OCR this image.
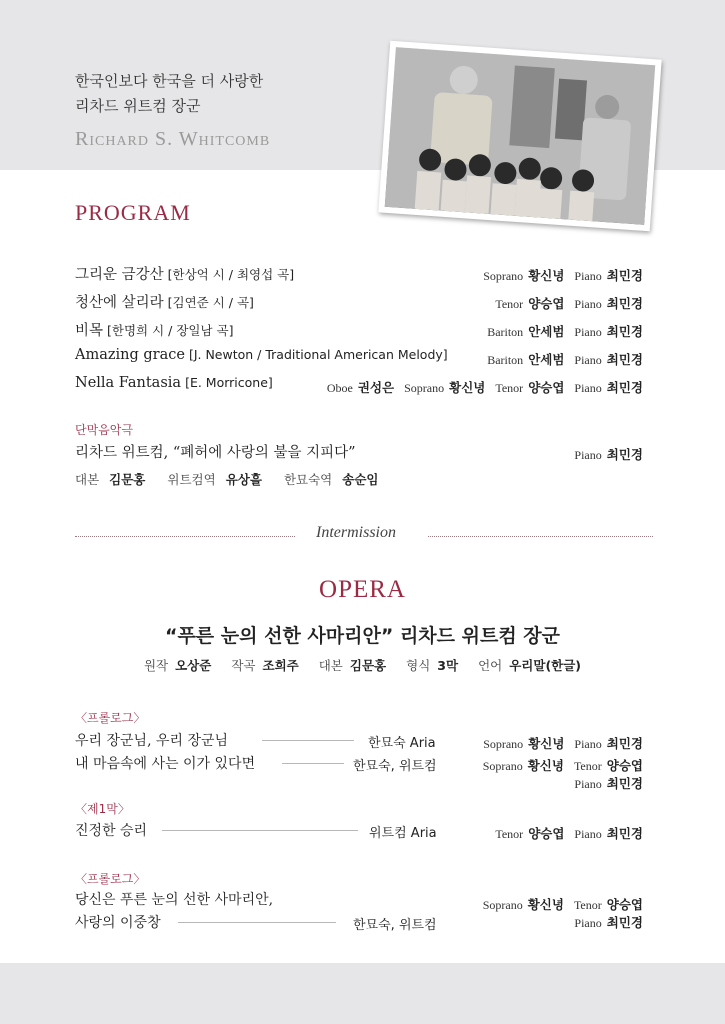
한국인보다 한국을 더 사랑한
리차드 위트컴 장군
Richard S. Whitcomb
PROGRAM
그리운 금강산 [한상억 시 / 최영섭 곡]	Soprano 황신녕 Piano 최민경
청산에 살리라 [김연준 시 / 곡]	Tenor 양승엽 Piano 최민경
비목 [한명희 시 / 장일남 곡]	Bariton 안세범 Piano 최민경
Amazing grace [J. Newton / Traditional American Melody]	Bariton 안세범 Piano 최민경
Nella Fantasia [E. Morricone]	Oboe 권성은 Soprano 황신녕 Tenor 양승엽 Piano 최민경
단막음악극
리차드 위트컴, “폐허에 사랑의 불을 지피다”	Piano 최민경
대본 김문홍 위트컴역 유상흘 한묘숙역 송순임
Intermission
OPERA
“푸른 눈의 선한 사마리안” 리차드 위트컴 장군
원작 오상준 작곡 조희주 대본 김문홍 형식 3막 언어 우리말(한글)
〈프롤로그〉
우리 장군님, 우리 장군님	한묘숙 Aria	Soprano 황신녕 Piano 최민경
내 마음속에 사는 이가 있다면	한묘숙, 위트컴	Soprano 황신녕 Tenor 양승엽
Piano 최민경
〈제1막〉
진정한 승리	위트컴 Aria	Tenor 양승엽 Piano 최민경
〈프롤로그〉
당신은 푸른 눈의 선한 사마리안,
사랑의 이중창	한묘숙, 위트컴
Soprano 황신녕 Tenor 양승엽
Piano 최민경
